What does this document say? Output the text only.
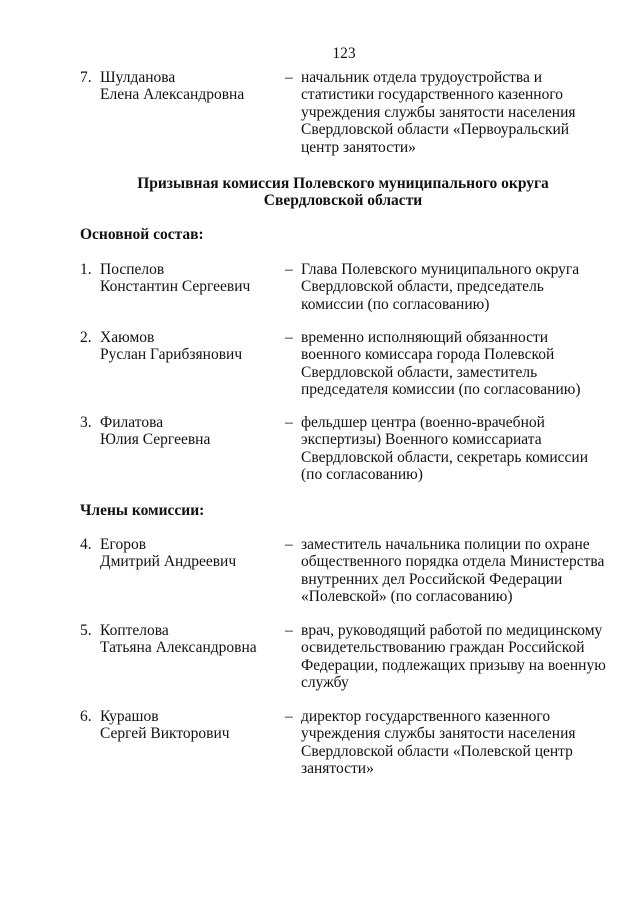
123
7. Шулданова
Елена Александровна
– начальник отдела трудоустройства и
статистики государственного казенного
учреждения службы занятости населения
Свердловской области «Первоуральский
центр занятости»
Призывная комиссия Полевского муниципального округа
Свердловской области
Основной состав:
1. Поспелов
Константин Сергеевич
– Глава Полевского муниципального округа
Свердловской области, председатель
комиссии (по согласованию)
2. Хаюмов
Руслан Гарибзянович
– временно исполняющий обязанности
военного комиссара города Полевской
Свердловской области, заместитель
председателя комиссии (по согласованию)
3. Филатова
Юлия Сергеевна
– фельдшер центра (военно-врачебной
экспертизы) Военного комиссариата
Свердловской области, секретарь комиссии
(по согласованию)
Члены комиссии:
4. Егоров
Дмитрий Андреевич
– заместитель начальника полиции по охране
общественного порядка отдела Министерства
внутренних дел Российской Федерации
«Полевской» (по согласованию)
5. Коптелова
Татьяна Александровна
– врач, руководящий работой по медицинскому
освидетельствованию граждан Российской
Федерации, подлежащих призыву на военную
службу
6. Курашов
Сергей Викторович
– директор государственного казенного
учреждения службы занятости населения
Свердловской области «Полевской центр
занятости»
